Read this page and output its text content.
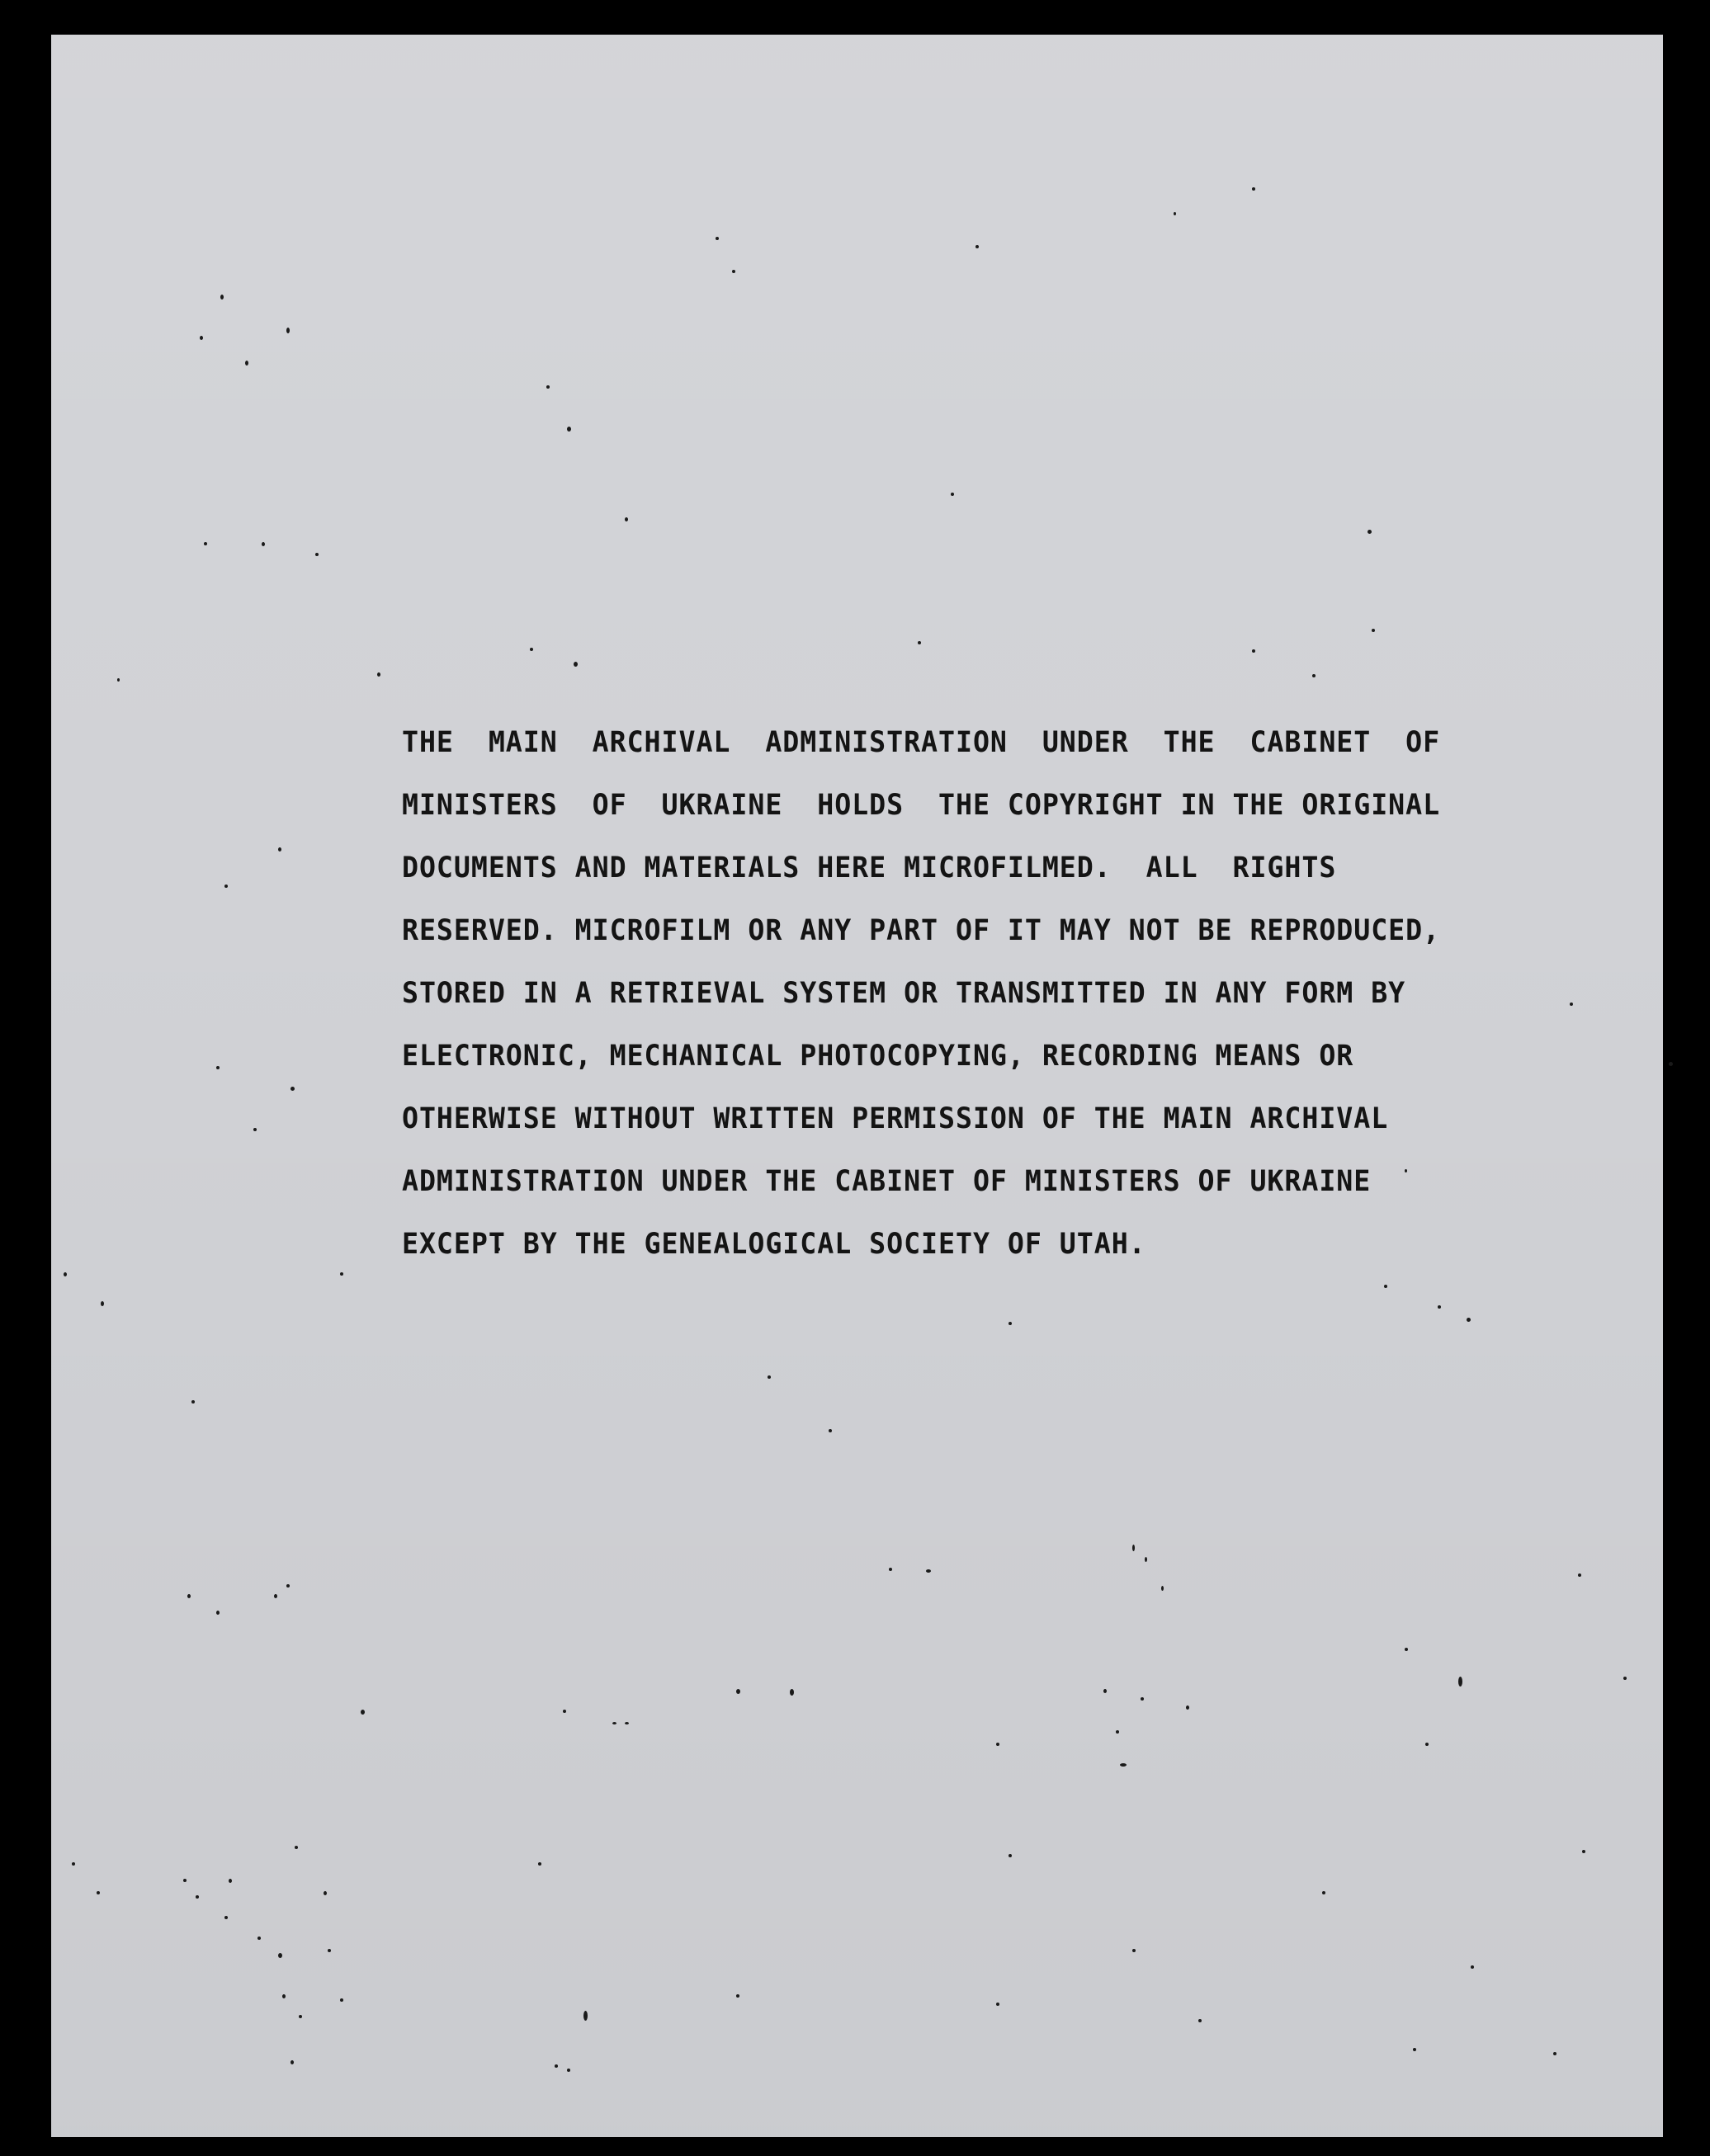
THE  MAIN  ARCHIVAL  ADMINISTRATION  UNDER  THE  CABINET  OF
MINISTERS  OF  UKRAINE  HOLDS  THE COPYRIGHT IN THE ORIGINAL
DOCUMENTS AND MATERIALS HERE MICROFILMED.  ALL  RIGHTS
RESERVED. MICROFILM OR ANY PART OF IT MAY NOT BE REPRODUCED,
STORED IN A RETRIEVAL SYSTEM OR TRANSMITTED IN ANY FORM BY
ELECTRONIC, MECHANICAL PHOTOCOPYING, RECORDING MEANS OR
OTHERWISE WITHOUT WRITTEN PERMISSION OF THE MAIN ARCHIVAL
ADMINISTRATION UNDER THE CABINET OF MINISTERS OF UKRAINE
EXCEPT BY THE GENEALOGICAL SOCIETY OF UTAH.
